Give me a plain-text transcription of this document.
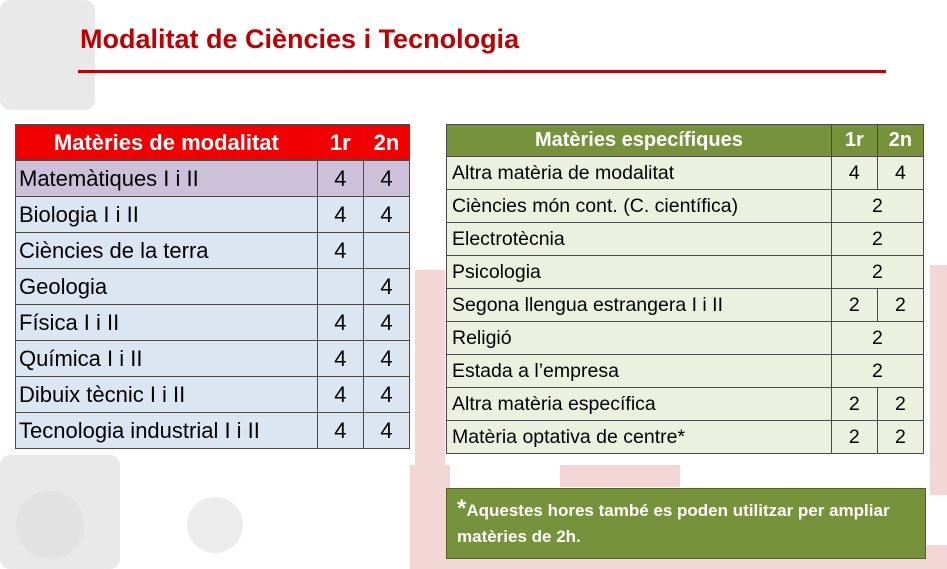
Modalitat de Ciències i Tecnologia
Matèries de modalitat	1r	2n
Matemàtiques I i II	4	4
Biologia I i II	4	4
Ciències de la terra	4	
Geologia		4
Física I i II	4	4
Química I i II	4	4
Dibuix tècnic I i II	4	4
Tecnologia industrial I i II	4	4
Matèries específiques	1r	2n
Altra matèria de modalitat	4	4
Ciències món cont. (C. científica)	2	
Electrotècnia	2	
Psicologia	2	
Segona llengua estrangera I i II	2	2
Religió	2	
Estada a l’empresa	2	
Altra matèria específica	2	2
Matèria optativa de centre*	2	2
*Aquestes hores també es poden utilitzar per ampliar matèries de 2h.
